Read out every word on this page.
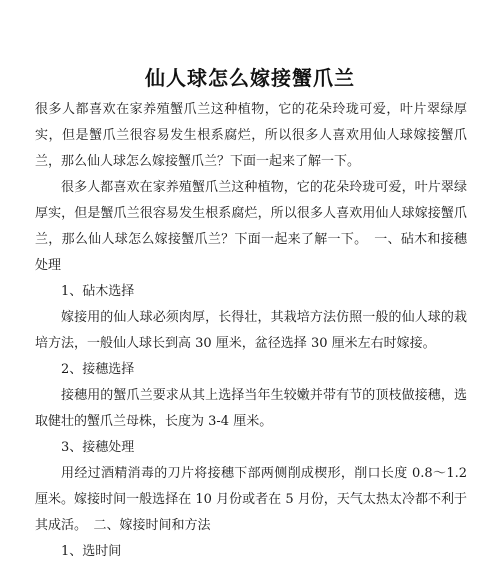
仙人球怎么嫁接蟹爪兰

很多人都喜欢在家养殖蟹爪兰这种植物，它的花朵玲珑可爱，叶片翠绿厚实，但是蟹爪兰很容易发生根系腐烂，所以很多人喜欢用仙人球嫁接蟹爪兰，那么仙人球怎么嫁接蟹爪兰？下面一起来了解一下。

很多人都喜欢在家养殖蟹爪兰这种植物，它的花朵玲珑可爱，叶片翠绿厚实，但是蟹爪兰很容易发生根系腐烂，所以很多人喜欢用仙人球嫁接蟹爪兰，那么仙人球怎么嫁接蟹爪兰？下面一起来了解一下。　一、砧木和接穗处理

1、砧木选择

嫁接用的仙人球必须肉厚，长得壮，其栽培方法仿照一般的仙人球的栽培方法，一般仙人球长到高 30 厘米，盆径选择 30 厘米左右时嫁接。

2、接穗选择

接穗用的蟹爪兰要求从其上选择当年生较嫩并带有节的顶枝做接穗，选取健壮的蟹爪兰母株，长度为 3-4 厘米。

3、接穗处理

用经过酒精消毒的刀片将接穗下部两侧削成楔形，削口长度 0.8～1.2 厘米。嫁接时间一般选择在 10 月份或者在 5 月份，天气太热太冷都不利于其成活。　二、嫁接时间和方法

1、选时间
